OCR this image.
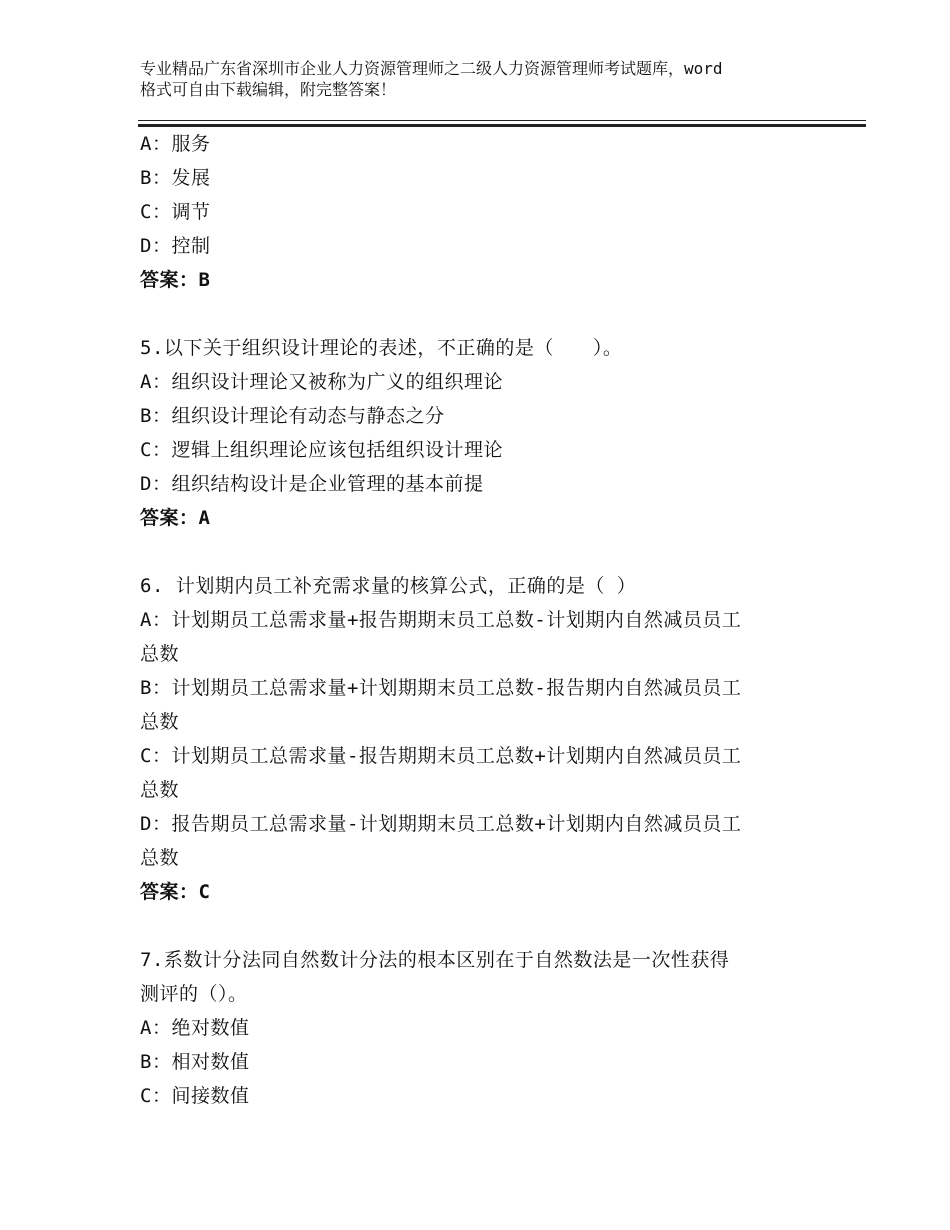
专业精品广东省深圳市企业人力资源管理师之二级人力资源管理师考试题库，word
格式可自由下载编辑，附完整答案！
A：服务
B：发展
C：调节
D：控制
答案：B
5.以下关于组织设计理论的表述，不正确的是（　　）。
A：组织设计理论又被称为广义的组织理论
B：组织设计理论有动态与静态之分
C：逻辑上组织理论应该包括组织设计理论
D：组织结构设计是企业管理的基本前提
答案：A
6. 计划期内员工补充需求量的核算公式，正确的是（ ）
A：计划期员工总需求量+报告期期末员工总数-计划期内自然减员员工
总数
B：计划期员工总需求量+计划期期末员工总数-报告期内自然减员员工
总数
C：计划期员工总需求量-报告期期末员工总数+计划期内自然减员员工
总数
D：报告期员工总需求量-计划期期末员工总数+计划期内自然减员员工
总数
答案：C
7.系数计分法同自然数计分法的根本区别在于自然数法是一次性获得
测评的（）。
A：绝对数值
B：相对数值
C：间接数值
